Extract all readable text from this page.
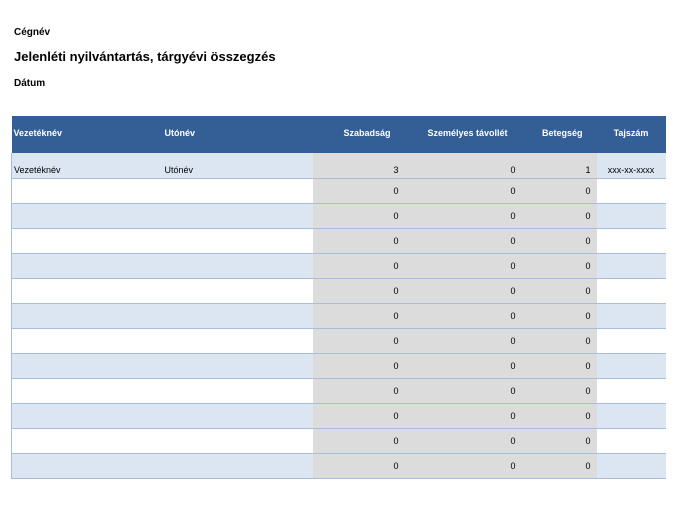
Cégnév
Jelenléti nyilvántartás, tárgyévi összegzés
Dátum
Vezetéknév	Utónév	Szabadság	Személyes távollét	Betegség	Tajszám
Vezetéknév	Utónév	3	0	1	xxx-xx-xxxx
		0	0	0	
		0	0	0	
		0	0	0	
		0	0	0	
		0	0	0	
		0	0	0	
		0	0	0	
		0	0	0	
		0	0	0	
		0	0	0	
		0	0	0	
		0	0	0	
